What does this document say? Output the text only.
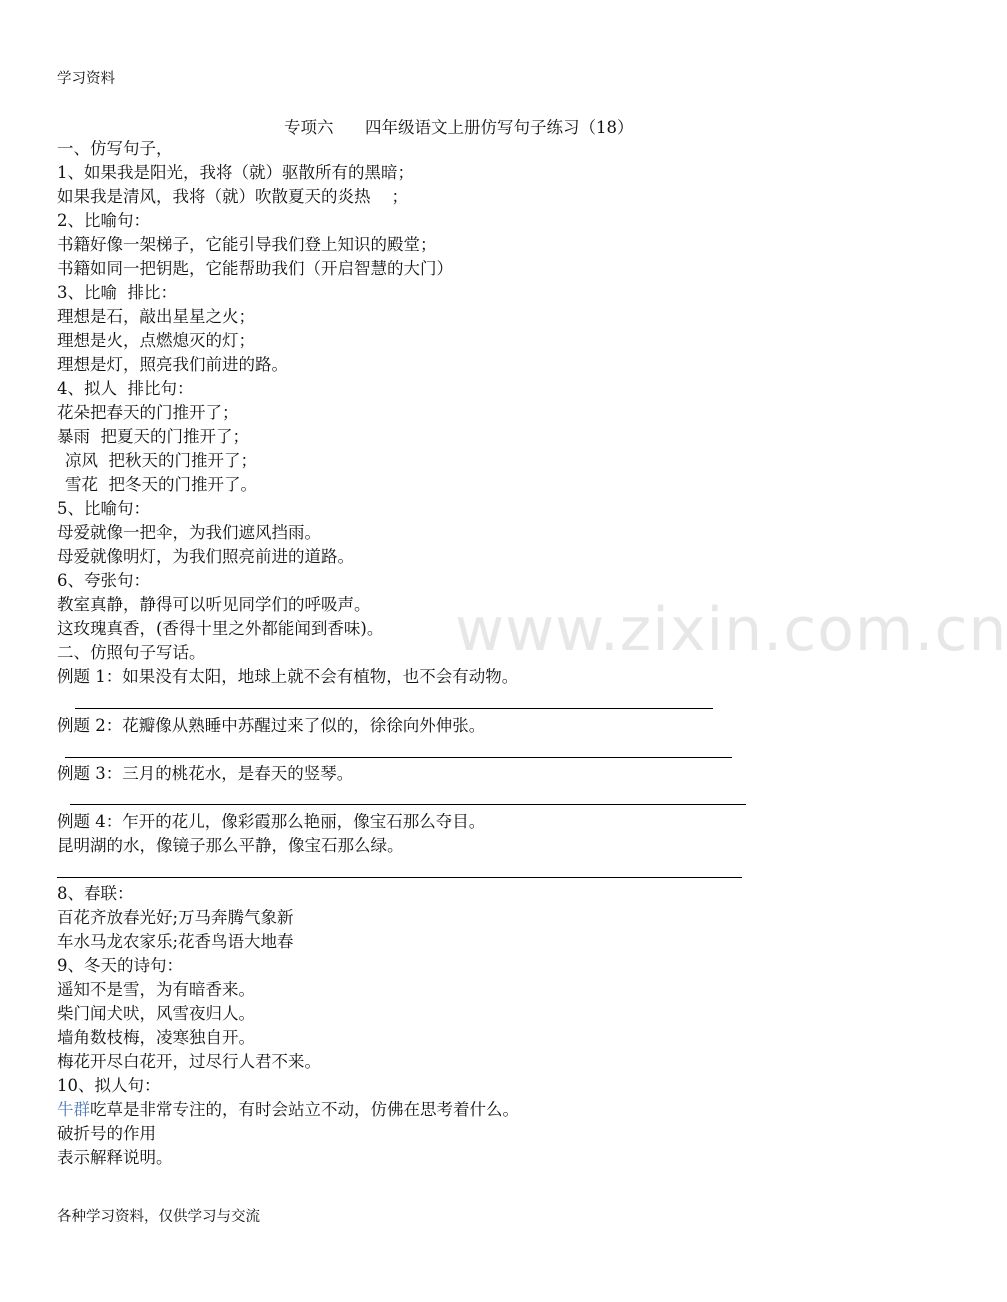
学习资料
专项六      四年级语文上册仿写句子练习（18）
一、仿写句子，
1、如果我是阳光，我将（就）驱散所有的黑暗；
如果我是清风，我将（就）吹散夏天的炎热    ；
2、比喻句：
书籍好像一架梯子，它能引导我们登上知识的殿堂；
书籍如同一把钥匙，它能帮助我们（开启智慧的大门）
3、比喻  排比：
理想是石，敲出星星之火；
理想是火，点燃熄灭的灯；
理想是灯，照亮我们前进的路。
4、拟人  排比句：
花朵把春天的门推开了；
暴雨  把夏天的门推开了；
凉风  把秋天的门推开了；
雪花  把冬天的门推开了。
5、比喻句：
母爱就像一把伞，为我们遮风挡雨。
母爱就像明灯，为我们照亮前进的道路。
6、夸张句：
教室真静，静得可以听见同学们的呼吸声。
这玫瑰真香，(香得十里之外都能闻到香味)。
二、仿照句子写话。
例题 1：如果没有太阳，地球上就不会有植物，也不会有动物。
例题 2：花瓣像从熟睡中苏醒过来了似的，徐徐向外伸张。
例题 3：三月的桃花水，是春天的竖琴。
例题 4：乍开的花儿，像彩霞那么艳丽，像宝石那么夺目。
昆明湖的水，像镜子那么平静，像宝石那么绿。
8、春联：
百花齐放春光好;万马奔腾气象新
车水马龙农家乐;花香鸟语大地春
9、冬天的诗句：
遥知不是雪，为有暗香来。
柴门闻犬吠，风雪夜归人。
墙角数枝梅，凌寒独自开。
梅花开尽白花开，过尽行人君不来。
10、拟人句：
牛群吃草是非常专注的，有时会站立不动，仿佛在思考着什么。
破折号的作用
表示解释说明。
www.zixin.com.cn
各种学习资料，仅供学习与交流
